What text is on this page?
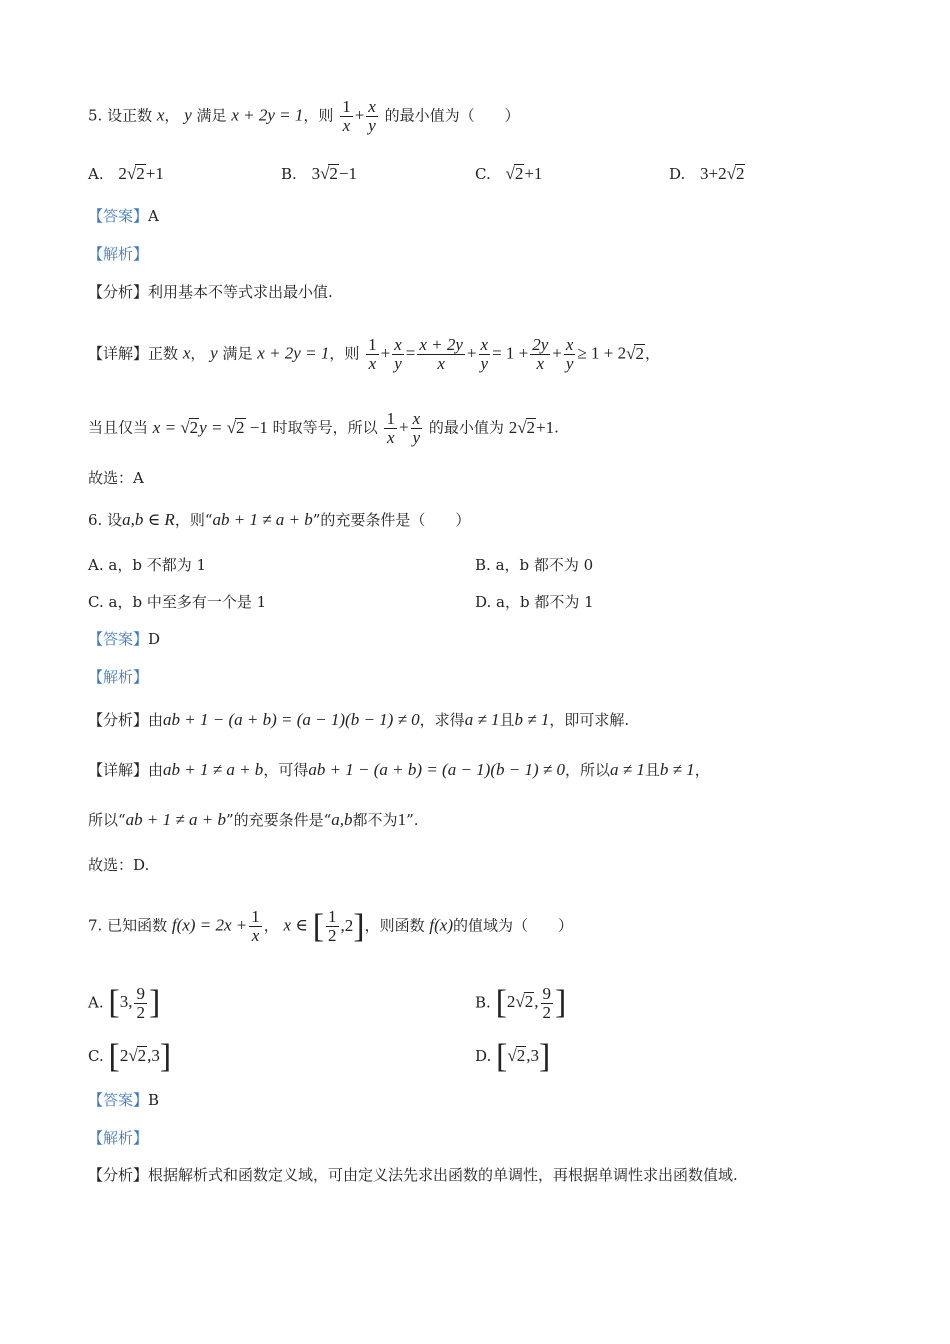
5. 设正数 x， y 满足 x + 2y = 1，则 $\frac{1}{x} + \frac{x}{y}$ 的最小值为（　　）
A. 2√2+1	B. 3√2−1	C. √2+1	D. 3+2√2
【答案】A
【解析】
【分析】利用基本不等式求出最小值.
【详解】正数 x， y 满足 x + 2y = 1，则 $\frac{1}{x} + \frac{x}{y} = \frac{x + 2y}{x} + \frac{x}{y} = 1 + \frac{2y}{x} + \frac{x}{y} \ge 1 + 2√2$，
当且仅当 x = √2y = √2 −1 时取等号，所以 $\frac{1}{x} + \frac{x}{y}$ 的最小值为 2√2+1.
故选：A
6. 设a,b ∈ R，则“ab + 1 ≠ a + b”的充要条件是（　　）
A. a，b 不都为 1	B. a，b 都不为 0
C. a，b 中至多有一个是 1	D. a，b 都不为 1
【答案】D
【解析】
【分析】由ab + 1 − (a + b) = (a − 1)(b − 1) ≠ 0，求得a ≠ 1且b ≠ 1，即可求解.
【详解】由ab + 1 ≠ a + b，可得ab + 1 − (a + b) = (a − 1)(b − 1) ≠ 0，所以a ≠ 1且b ≠ 1，
所以“ab + 1 ≠ a + b”的充要条件是“a,b都不为1”.
故选：D.
7. 已知函数 $f(x) = 2x + \frac{1}{x}$ ， x ∈ [ $\frac{1}{2} ,2$]，则函数 f(x)的值域为（　　）
A. [3, $\frac{9}{2}$ ]	B. [2√2, $\frac{9}{2}$ ]
C. [2√2,3]	D. [√2,3]
【答案】B
【解析】
【分析】根据解析式和函数定义域，可由定义法先求出函数的单调性，再根据单调性求出函数值域.
